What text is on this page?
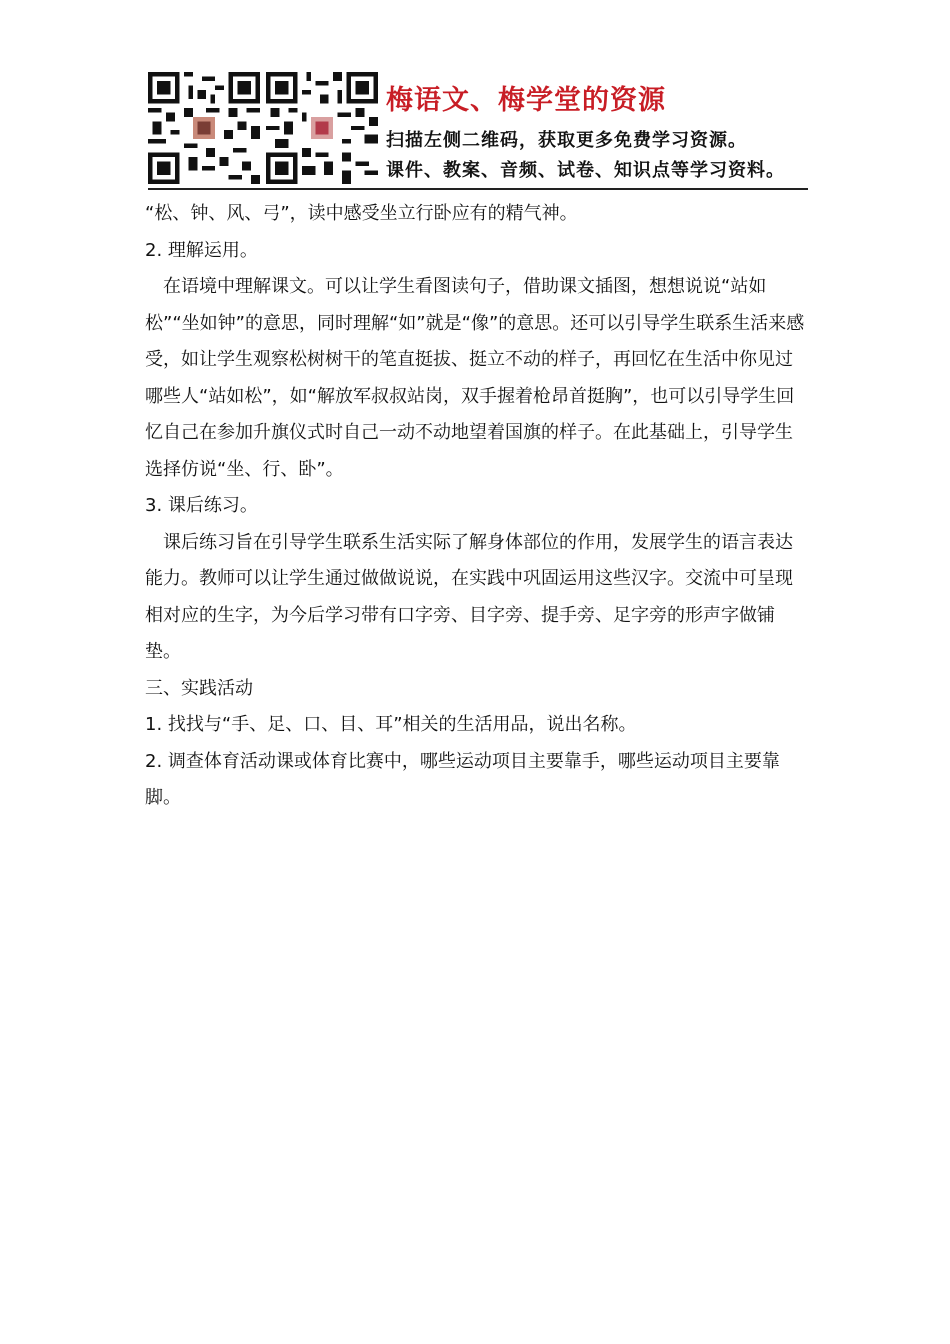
梅语文、梅学堂的资源
扫描左侧二维码，获取更多免费学习资源。
课件、教案、音频、试卷、知识点等学习资料。

“松、钟、风、弓”，读中感受坐立行卧应有的精气神。

2. 理解运用。

在语境中理解课文。可以让学生看图读句子，借助课文插图，想想说说“站如松”“坐如钟”的意思，同时理解“如”就是“像”的意思。还可以引导学生联系生活来感受，如让学生观察松树树干的笔直挺拔、挺立不动的样子，再回忆在生活中你见过哪些人“站如松”，如“解放军叔叔站岗，双手握着枪昂首挺胸”，也可以引导学生回忆自己在参加升旗仪式时自己一动不动地望着国旗的样子。在此基础上，引导学生选择仿说“坐、行、卧”。

3. 课后练习。

课后练习旨在引导学生联系生活实际了解身体部位的作用，发展学生的语言表达能力。教师可以让学生通过做做说说，在实践中巩固运用这些汉字。交流中可呈现相对应的生字，为今后学习带有口字旁、目字旁、提手旁、足字旁的形声字做铺垫。

三、实践活动

1. 找找与“手、足、口、目、耳”相关的生活用品，说出名称。

2. 调查体育活动课或体育比赛中，哪些运动项目主要靠手，哪些运动项目主要靠脚。
